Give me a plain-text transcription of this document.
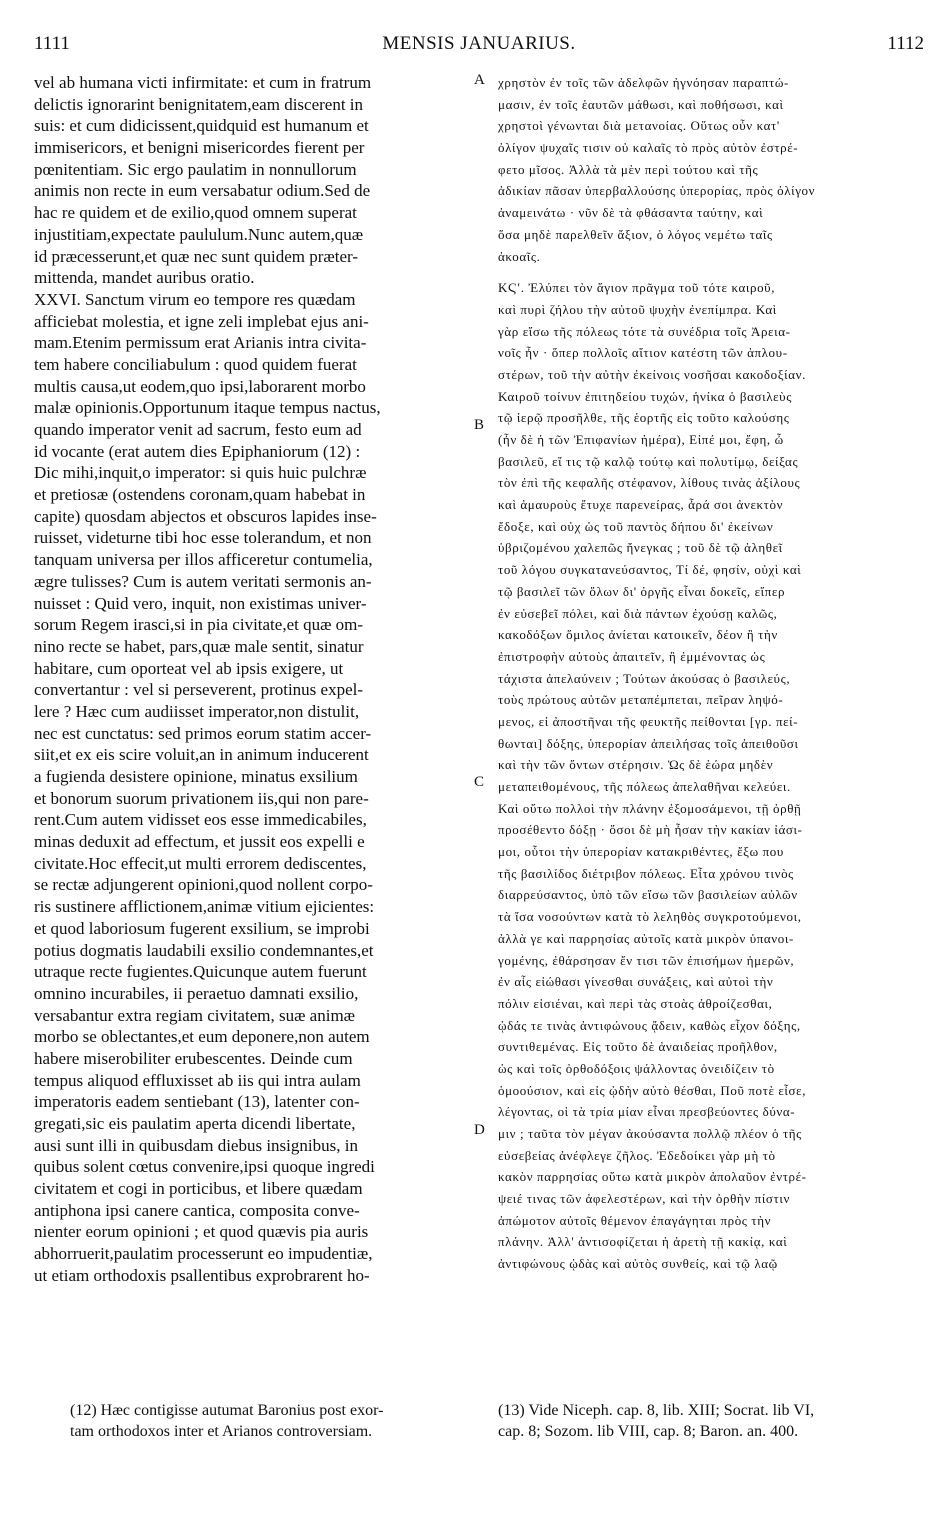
1111	MENSIS JANUARIUS.	1112
vel ab humana victi infirmitate: et cum in fratrum
delictis ignorarint benignitatem,eam discerent in
suis: et cum didicissent,quidquid est humanum et
immisericors, et benigni misericordes fierent per
pœnitentiam. Sic ergo paulatim in nonnullorum
animis non recte in eum versabatur odium.Sed de
hac re quidem et de exilio,quod omnem superat
injustitiam,expectate paululum.Nunc autem,quæ
id præcesserunt,et quæ nec sunt quidem præter-
mittenda, mandet auribus oratio.
XXVI. Sanctum virum eo tempore res quædam
afficiebat molestia, et igne zeli implebat ejus ani-
mam.Etenim permissum erat Arianis intra civita-
tem habere conciliabulum : quod quidem fuerat
multis causa,ut eodem,quo ipsi,laborarent morbo
malæ opinionis.Opportunum itaque tempus nactus,
quando imperator venit ad sacrum, festo eum ad
id vocante (erat autem dies Epiphaniorum (12) :
Dic mihi,inquit,o imperator: si quis huic pulchræ
et pretiosæ (ostendens coronam,quam habebat in
capite) quosdam abjectos et obscuros lapides inse-
ruisset, videturne tibi hoc esse tolerandum, et non
tanquam universa per illos afficeretur contumelia,
ægre tulisses? Cum is autem veritati sermonis an-
nuisset : Quid vero, inquit, non existimas univer-
sorum Regem irasci,si in pia civitate,et quæ om-
nino recte se habet, pars,quæ male sentit, sinatur
habitare, cum oporteat vel ab ipsis exigere, ut
convertantur : vel si perseverent, protinus expel-
lere ? Hæc cum audiisset imperator,non distulit,
nec est cunctatus: sed primos eorum statim accer-
siit,et ex eis scire voluit,an in animum inducerent
a fugienda desistere opinione, minatus exsilium
et bonorum suorum privationem iis,qui non pare-
rent.Cum autem vidisset eos esse immedicabiles,
minas deduxit ad effectum, et jussit eos expelli e
civitate.Hoc effecit,ut multi errorem dediscentes,
se rectæ adjungerent opinioni,quod nollent corpo-
ris sustinere afflictionem,animæ vitium ejicientes:
et quod laboriosum fugerent exsilium, se improbi
potius dogmatis laudabili exsilio condemnantes,et
utraque recte fugientes.Quicunque autem fuerunt
omnino incurabiles, ii peraetuo damnati exsilio,
versabantur extra regiam civitatem, suæ animæ
morbo se oblectantes,et eum deponere,non autem
habere miserobiliter erubescentes. Deinde cum
tempus aliquod effluxisset ab iis qui intra aulam
imperatoris eadem sentiebant (13), latenter con-
gregati,sic eis paulatim aperta dicendi libertate,
ausi sunt illi in quibusdam diebus insignibus, in
quibus solent cœtus convenire,ipsi quoque ingredi
civitatem et cogi in porticibus, et libere quædam
antiphona ipsi canere cantica, composita conve-
nienter eorum opinioni ; et quod quævis pia auris
abhorruerit,paulatim processerunt eo impudentiæ,
ut etiam orthodoxis psallentibus exprobrarent ho-
A
B
C
D
χρηστὸν ἐν τοῖς τῶν ἀδελφῶν ἠγνόησαν παραπτώ-
μασιν, ἐν τοῖς ἑαυτῶν μάθωσι, καὶ ποθήσωσι, καὶ
χρηστοὶ γένωνται διὰ μετανοίας. Οὕτως οὖν κατ'
ὀλίγον ψυχαῖς τισιν οὐ καλαῖς τὸ πρὸς αὐτὸν ἐστρέ-
φετο μῖσος. Ἀλλὰ τὰ μὲν περὶ τούτου καὶ τῆς
ἀδικίαν πᾶσαν ὑπερβαλλούσης ὑπερορίας, πρὸς ὀλίγον
ἀναμεινάτω · νῦν δὲ τὰ φθάσαντα ταύτην, καὶ
ὅσα μηδὲ παρελθεῖν ἄξιον, ὁ λόγος νεμέτω ταῖς
ἀκοαῖς.
ΚϚʹ. Ἐλύπει τὸν ἅγιον πρᾶγμα τοῦ τότε καιροῦ,
καὶ πυρὶ ζήλου τὴν αὐτοῦ ψυχὴν ἐνεπίμπρα. Καὶ
γὰρ εἴσω τῆς πόλεως τότε τὰ συνέδρια τοῖς Ἀρεια-
νοῖς ἦν · ὅπερ πολλοῖς αἴτιον κατέστη τῶν ἁπλου-
στέρων, τοῦ τὴν αὐτὴν ἐκείνοις νοσῆσαι κακοδοξίαν.
Καιροῦ τοίνυν ἐπιτηδείου τυχών, ἡνίκα ὁ βασιλεὺς
τῷ ἱερῷ προσῆλθε, τῆς ἑορτῆς εἰς τοῦτο καλούσης
(ἦν δὲ ἡ τῶν Ἐπιφανίων ἡμέρα), Εἰπέ μοι, ἔφη, ὦ
βασιλεῦ, εἴ τις τῷ καλῷ τούτῳ καὶ πολυτίμῳ, δείξας
τὸν ἐπὶ τῆς κεφαλῆς στέφανον, λίθους τινὰς ἀξίλους
καὶ ἀμαυροὺς ἔτυχε παρενείρας, ἆρά σοι ἀνεκτὸν
ἔδοξε, καὶ οὐχ ὡς τοῦ παντὸς δήπου δι' ἐκείνων
ὑβριζομένου χαλεπῶς ἤνεγκας ; τοῦ δὲ τῷ ἀληθεῖ
τοῦ λόγου συγκατανεύσαντος, Τί δέ, φησίν, οὐχὶ καὶ
τῷ βασιλεῖ τῶν ὅλων δι' ὀργῆς εἶναι δοκεῖς, εἴπερ
ἐν εὐσεβεῖ πόλει, καὶ διὰ πάντων ἐχούσῃ καλῶς,
κακοδόξων ὅμιλος ἀνίεται κατοικεῖν, δέον ἢ τὴν
ἐπιστροφὴν αὐτοὺς ἀπαιτεῖν, ἢ ἐμμένοντας ὡς
τάχιστα ἀπελαύνειν ; Τούτων ἀκούσας ὁ βασιλεύς,
τοὺς πρώτους αὐτῶν μεταπέμπεται, πεῖραν ληψό-
μενος, εἰ ἀποστῆναι τῆς φευκτῆς πείθονται [γρ. πεί-
θωνται] δόξης, ὑπερορίαν ἀπειλήσας τοῖς ἀπειθοῦσι
καὶ τὴν τῶν ὄντων στέρησιν. Ὡς δὲ ἑώρα μηδὲν
μεταπειθομένους, τῆς πόλεως ἀπελαθῆναι κελεύει.
Καὶ οὕτω πολλοὶ τὴν πλάνην ἐξομοσάμενοι, τῇ ὀρθῇ
προσέθεντο δόξῃ · ὅσοι δὲ μὴ ἦσαν τὴν κακίαν ἰάσι-
μοι, οὗτοι τὴν ὑπερορίαν κατακριθέντες, ἔξω που
τῆς βασιλίδος διέτριβον πόλεως. Εἶτα χρόνου τινὸς
διαρρεύσαντος, ὑπὸ τῶν εἴσω τῶν βασιλείων αὐλῶν
τὰ ἴσα νοσούντων κατὰ τὸ λεληθὸς συγκροτούμενοι,
ἀλλὰ γε καὶ παρρησίας αὐτοῖς κατὰ μικρὸν ὑπανοι-
γομένης, ἐθάρσησαν ἔν τισι τῶν ἐπισήμων ἡμερῶν,
ἐν αἷς εἰώθασι γίνεσθαι συνάξεις, καὶ αὐτοὶ τὴν
πόλιν εἰσιέναι, καὶ περὶ τὰς στοὰς ἀθροίζεσθαι,
ᾠδάς τε τινὰς ἀντιφώνους ᾄδειν, καθὼς εἶχον δόξης,
συντιθεμένας. Εἰς τοῦτο δὲ ἀναιδείας προῆλθον,
ὡς καὶ τοῖς ὀρθοδόξοις ψάλλοντας ὀνειδίζειν τὸ
ὁμοούσιον, καὶ εἰς ᾠδὴν αὐτὸ θέσθαι, Ποῦ ποτὲ εἶσε,
λέγοντας, οἱ τὰ τρία μίαν εἶναι πρεσβεύοντες δύνα-
μιν ; ταῦτα τὸν μέγαν ἀκούσαντα πολλῷ πλέον ὁ τῆς
εὐσεβείας ἀνέφλεγε ζῆλος. Ἐδεδοίκει γὰρ μὴ τὸ
κακὸν παρρησίας οὕτω κατὰ μικρὸν ἀπολαῦον ἐντρέ-
ψειέ τινας τῶν ἀφελεστέρων, καὶ τὴν ὀρθὴν πίστιν
ἀπώμοτον αὐτοῖς θέμενον ἐπαγάγηται πρὸς τὴν
πλάνην. Ἀλλ' ἀντισοφίζεται ἡ ἀρετὴ τῇ κακίᾳ, καὶ
ἀντιφώνους ᾠδὰς καὶ αὐτὸς συνθείς, καὶ τῷ λαῷ
(12) Hæc contigisse autumat Baronius post exor-
tam orthodoxos inter et Arianos controversiam.
(13) Vide Niceph. cap. 8, lib. XIII; Socrat. lib VI,
cap. 8; Sozom. lib VIII, cap. 8; Baron. an. 400.
